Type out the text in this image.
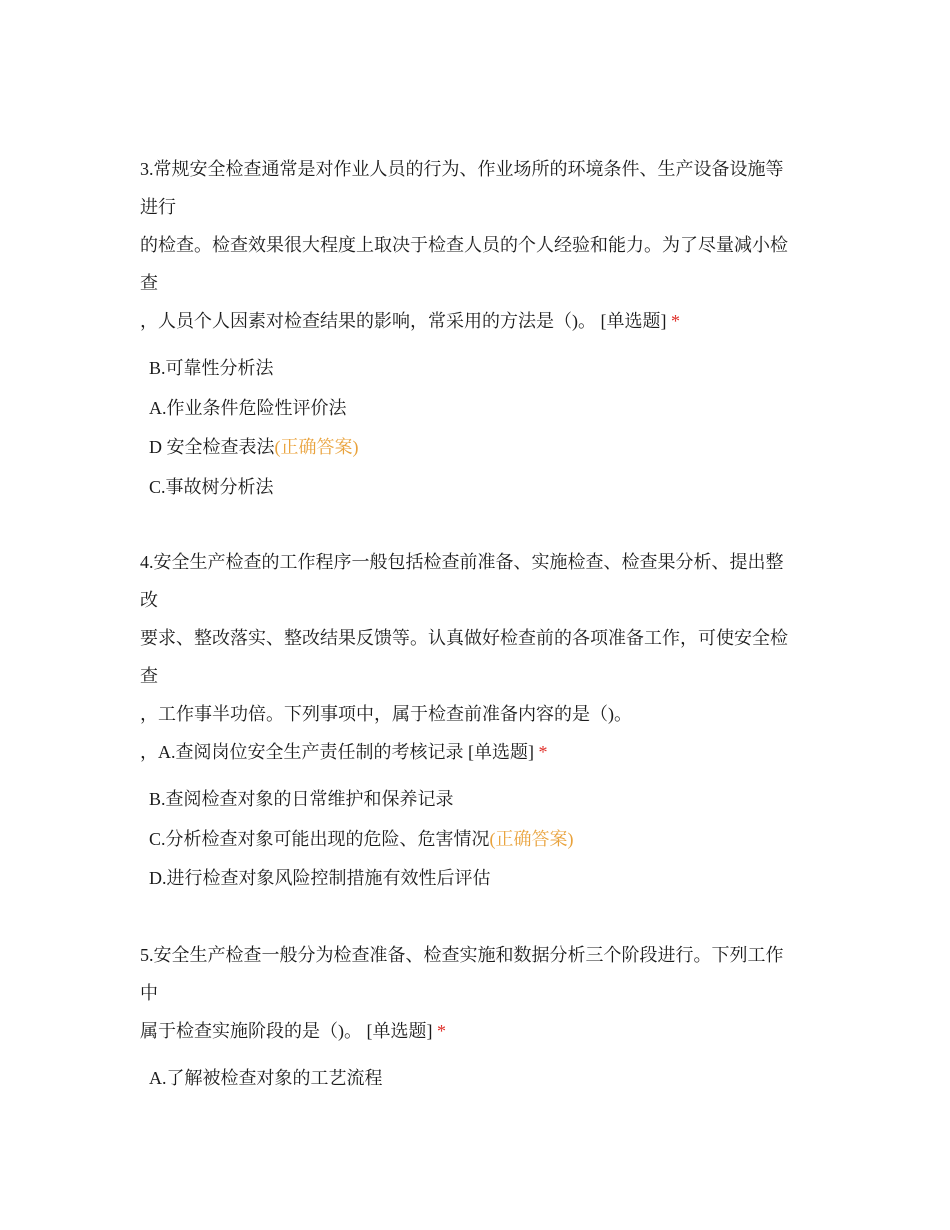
3.常规安全检查通常是对作业人员的行为、作业场所的环境条件、生产设备设施等
进行
的检查。检查效果很大程度上取决于检查人员的个人经验和能力。为了尽量减小检
查
，人员个人因素对检查结果的影响，常采用的方法是（)。 [单选题] *
B.可靠性分析法
A.作业条件危险性评价法
D 安全检查表法(正确答案)
C.事故树分析法
4.安全生产检查的工作程序一般包括检查前准备、实施检查、检查果分析、提出整
改
要求、整改落实、整改结果反馈等。认真做好检查前的各项准备工作，可使安全检
查
，工作事半功倍。下列事项中，属于检查前准备内容的是（)。
，A.查阅岗位安全生产责任制的考核记录 [单选题] *
B.查阅检查对象的日常维护和保养记录
C.分析检查对象可能出现的危险、危害情况(正确答案)
D.进行检查对象风险控制措施有效性后评估
5.安全生产检查一般分为检查准备、检查实施和数据分析三个阶段进行。下列工作
中
属于检查实施阶段的是（)。 [单选题] *
A.了解被检查对象的工艺流程
